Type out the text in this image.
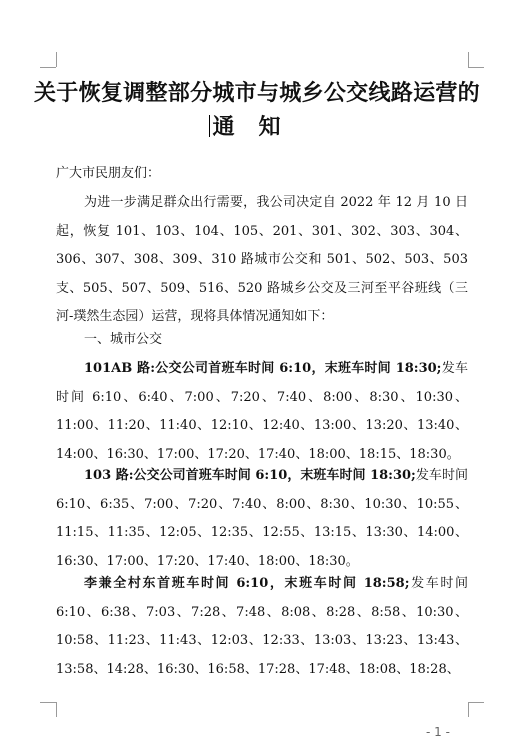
关于恢复调整部分城市与城乡公交线路运营的
通知
广大市民朋友们：
为进一步满足群众出行需要，我公司决定自 2022 年 12 月 10 日起，恢复 101、103、104、105、201、301、302、303、304、306、307、308、309、310 路城市公交和 501、502、503、503 支、505、507、509、516、520 路城乡公交及三河至平谷班线（三河-璞然生态园）运营，现将具体情况通知如下：
一、城市公交
101AB 路:公交公司首班车时间 6:10，末班车时间 18:30;发车时间 6:10、6:40、7:00、7:20、7:40、8:00、8:30、10:30、11:00、11:20、11:40、12:10、12:40、13:00、13:20、13:40、14:00、16:30、17:00、17:20、17:40、18:00、18:15、18:30。
103 路:公交公司首班车时间 6:10，末班车时间 18:30;发车时间 6:10、6:35、7:00、7:20、7:40、8:00、8:30、10:30、10:55、11:15、11:35、12:05、12:35、12:55、13:15、13:30、14:00、16:30、17:00、17:20、17:40、18:00、18:30。
李兼全村东首班车时间 6:10，末班车时间 18:58;发车时间 6:10、6:38、7:03、7:28、7:48、8:08、8:28、8:58、10:30、10:58、11:23、11:43、12:03、12:33、13:03、13:23、13:43、13:58、14:28、16:30、16:58、17:28、17:48、18:08、18:28、
- 1 -
